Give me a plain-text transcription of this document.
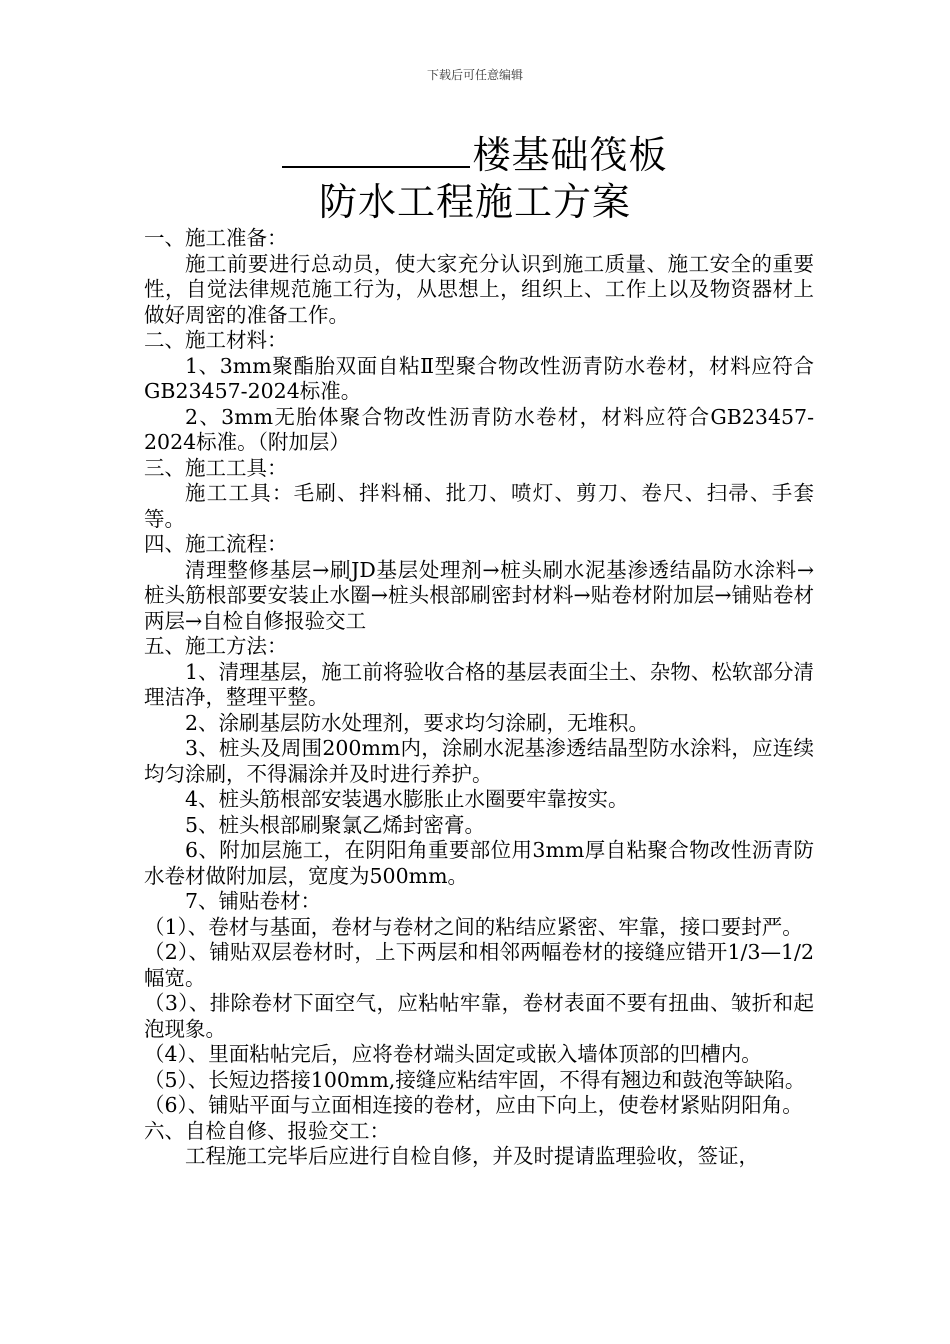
下载后可任意编辑
楼基础筏板
防水工程施工方案

一、施工准备：

施工前要进行总动员，使大家充分认识到施工质量、施工安全的重要性，自觉法律规范施工行为，从思想上，组织上、工作上以及物资器材上做好周密的准备工作。

二、施工材料：

1、3mm聚酯胎双面自粘Ⅱ型聚合物改性沥青防水卷材，材料应符合GB23457-2024标准。

2、3mm无胎体聚合物改性沥青防水卷材，材料应符合GB23457-2024标准。（附加层）

三、施工工具：

施工工具：毛刷、拌料桶、批刀、喷灯、剪刀、卷尺、扫帚、手套等。

四、施工流程：

清理整修基层→刷JD基层处理剂→桩头刷水泥基渗透结晶防水涂料→桩头筋根部要安装止水圈→桩头根部刷密封材料→贴卷材附加层→铺贴卷材两层→自检自修报验交工

五、施工方法：

1、清理基层，施工前将验收合格的基层表面尘土、杂物、松软部分清理洁净，整理平整。

2、涂刷基层防水处理剂，要求均匀涂刷，无堆积。

3、桩头及周围200mm内，涂刷水泥基渗透结晶型防水涂料，应连续均匀涂刷，不得漏涂并及时进行养护。

4、桩头筋根部安装遇水膨胀止水圈要牢靠按实。

5、桩头根部刷聚氯乙烯封密膏。

6、附加层施工，在阴阳角重要部位用3mm厚自粘聚合物改性沥青防水卷材做附加层，宽度为500mm。

7、铺贴卷材：

（1）、卷材与基面，卷材与卷材之间的粘结应紧密、牢靠，接口要封严。

（2）、铺贴双层卷材时，上下两层和相邻两幅卷材的接缝应错开1/3—1/2幅宽。

（3）、排除卷材下面空气，应粘帖牢靠，卷材表面不要有扭曲、皱折和起泡现象。

（4）、里面粘帖完后，应将卷材端头固定或嵌入墙体顶部的凹槽内。

（5）、长短边搭接100mm,接缝应粘结牢固，不得有翘边和鼓泡等缺陷。

（6）、铺贴平面与立面相连接的卷材，应由下向上，使卷材紧贴阴阳角。

六、自检自修、报验交工：

工程施工完毕后应进行自检自修，并及时提请监理验收，签证，
